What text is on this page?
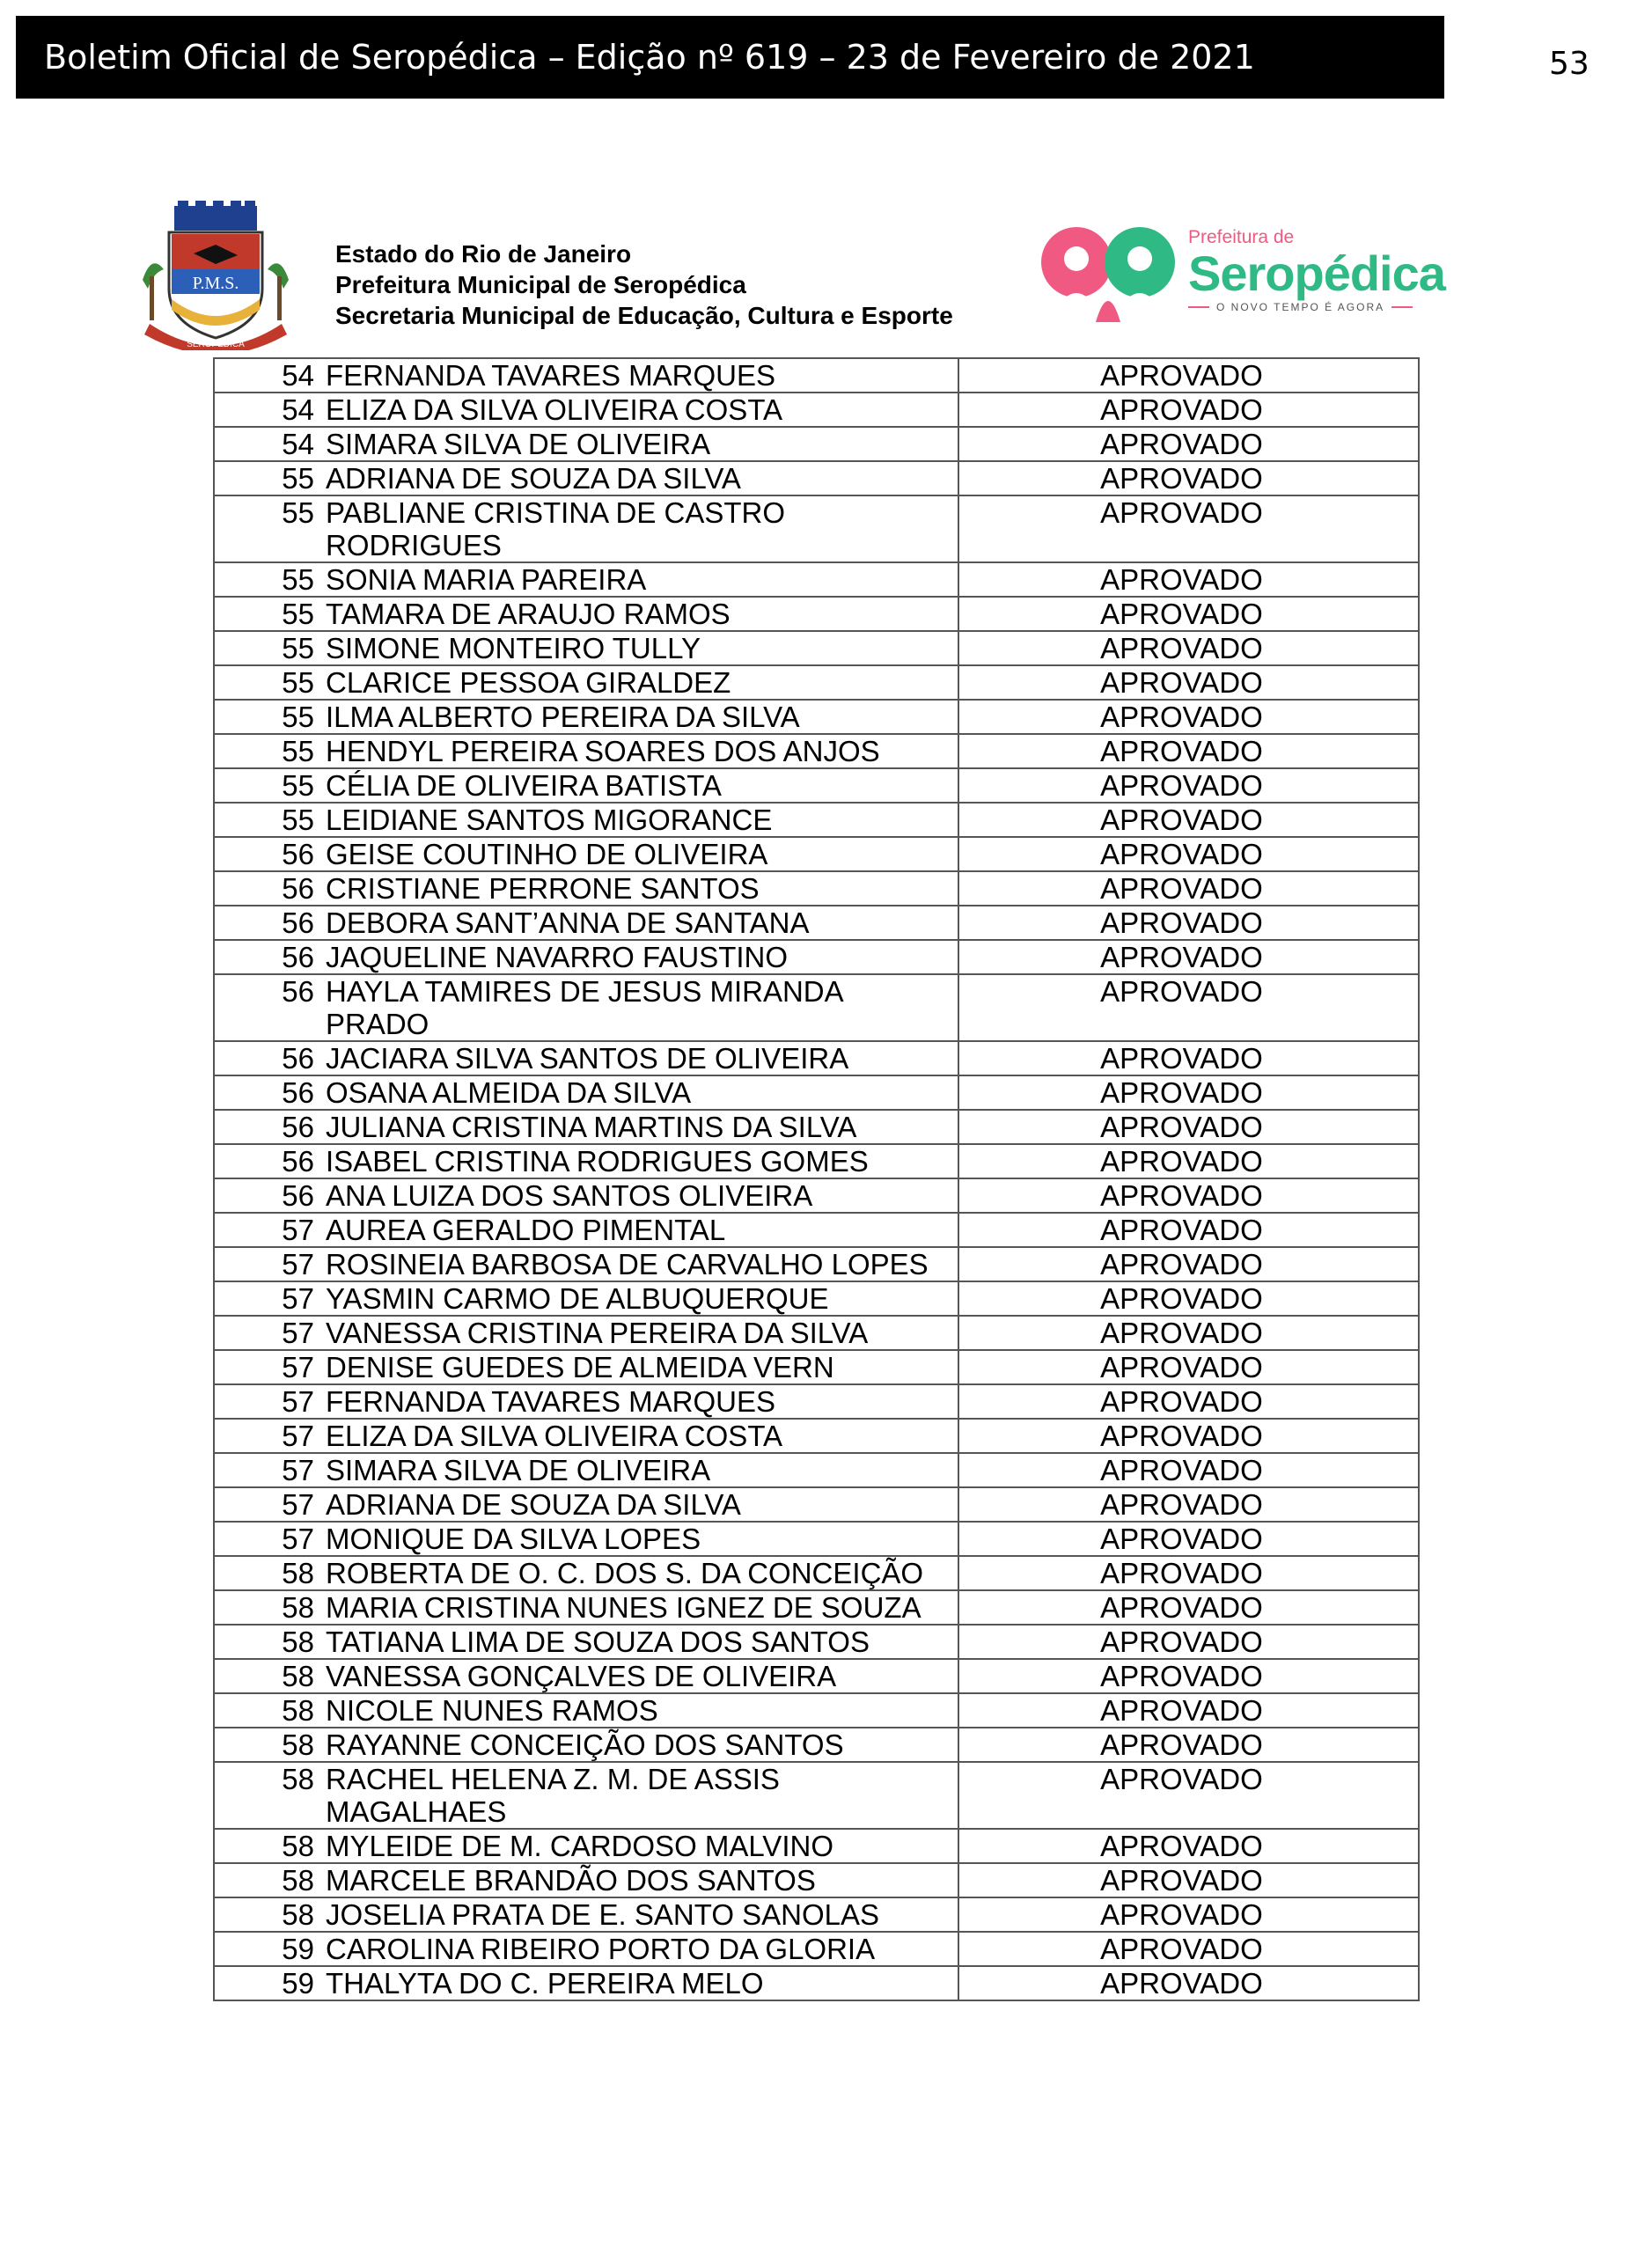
Boletim Oficial de Seropédica – Edição nº 619 – 23 de Fevereiro de 2021	53
P.M.S.
SEROPÉDICA
Estado do Rio de Janeiro
Prefeitura Municipal de Seropédica
Secretaria Municipal de Educação, Cultura e Esporte
Prefeitura de
Seropédica
O NOVO TEMPO É AGORA
54 FERNANDA TAVARES MARQUES	APROVADO

54 ELIZA DA SILVA OLIVEIRA COSTA	APROVADO

54 SIMARA SILVA DE OLIVEIRA	APROVADO

55 ADRIANA DE SOUZA DA SILVA	APROVADO

55 PABLIANE CRISTINA DE CASTRO RODRIGUES	APROVADO

55 SONIA MARIA PAREIRA	APROVADO

55 TAMARA DE ARAUJO RAMOS	APROVADO

55 SIMONE MONTEIRO TULLY	APROVADO

55 CLARICE PESSOA GIRALDEZ	APROVADO

55 ILMA ALBERTO PEREIRA DA SILVA	APROVADO

55 HENDYL PEREIRA SOARES DOS ANJOS	APROVADO

55 CÉLIA DE OLIVEIRA BATISTA	APROVADO

55 LEIDIANE SANTOS MIGORANCE	APROVADO

56 GEISE COUTINHO DE OLIVEIRA	APROVADO

56 CRISTIANE PERRONE SANTOS	APROVADO

56 DEBORA SANT’ANNA DE SANTANA	APROVADO

56 JAQUELINE NAVARRO FAUSTINO	APROVADO

56 HAYLA TAMIRES DE JESUS MIRANDA PRADO	APROVADO

56 JACIARA SILVA SANTOS DE OLIVEIRA	APROVADO

56 OSANA ALMEIDA DA SILVA	APROVADO

56 JULIANA CRISTINA MARTINS DA SILVA	APROVADO

56 ISABEL CRISTINA RODRIGUES GOMES	APROVADO

56 ANA LUIZA DOS SANTOS OLIVEIRA	APROVADO

57 AUREA GERALDO PIMENTAL	APROVADO

57 ROSINEIA BARBOSA DE CARVALHO LOPES	APROVADO

57 YASMIN CARMO DE ALBUQUERQUE	APROVADO

57 VANESSA CRISTINA PEREIRA DA SILVA	APROVADO

57 DENISE GUEDES DE ALMEIDA VERN	APROVADO

57 FERNANDA TAVARES MARQUES	APROVADO

57 ELIZA DA SILVA OLIVEIRA COSTA	APROVADO

57 SIMARA SILVA DE OLIVEIRA	APROVADO

57 ADRIANA DE SOUZA DA SILVA	APROVADO

57 MONIQUE DA SILVA LOPES	APROVADO

58 ROBERTA DE O. C. DOS S. DA CONCEIÇÃO	APROVADO

58 MARIA CRISTINA NUNES IGNEZ DE SOUZA	APROVADO

58 TATIANA LIMA DE SOUZA DOS SANTOS	APROVADO

58 VANESSA GONÇALVES DE OLIVEIRA	APROVADO

58 NICOLE NUNES RAMOS	APROVADO

58 RAYANNE CONCEIÇÃO DOS SANTOS	APROVADO

58 RACHEL HELENA Z. M. DE ASSIS MAGALHAES	APROVADO

58 MYLEIDE DE M. CARDOSO MALVINO	APROVADO

58 MARCELE BRANDÃO DOS SANTOS	APROVADO

58 JOSELIA PRATA DE E. SANTO SANOLAS	APROVADO

59 CAROLINA RIBEIRO PORTO DA GLORIA	APROVADO

59 THALYTA DO C. PEREIRA MELO	APROVADO
